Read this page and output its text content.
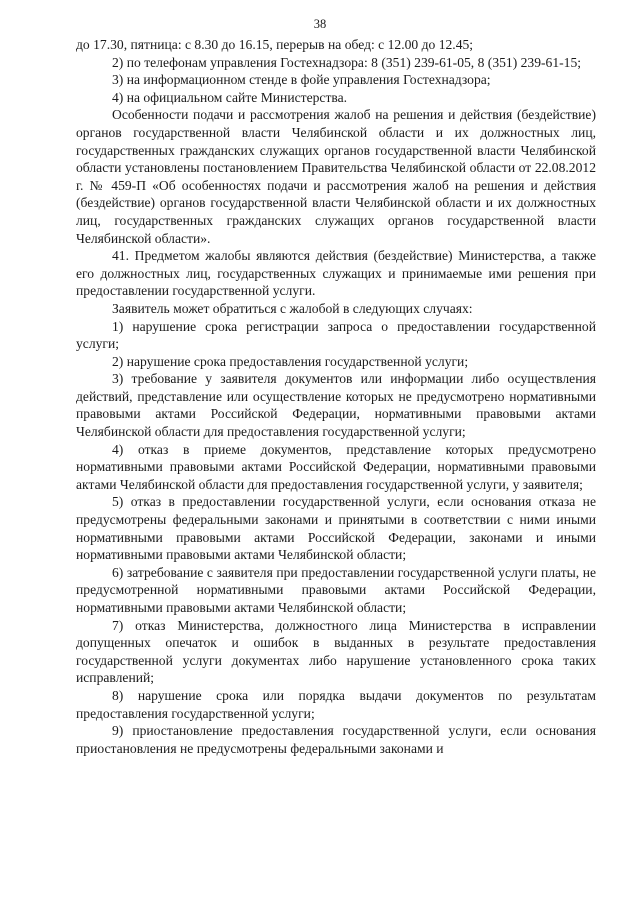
38

до 17.30, пятница: с 8.30 до 16.15, перерыв на обед: с 12.00 до 12.45;

2) по телефонам управления Гостехнадзора: 8 (351) 239-61-05, 8 (351) 239-61-15;

3) на информационном стенде в фойе управления Гостехнадзора;

4) на официальном сайте Министерства.

Особенности подачи и рассмотрения жалоб на решения и действия (бездействие) органов государственной власти Челябинской области и их должностных лиц, государственных гражданских служащих органов государственной власти Челябинской области установлены постановлением Правительства Челябинской области от 22.08.2012 г. № 459-П «Об особенностях подачи и рассмотрения жалоб на решения и действия (бездействие) органов государственной власти Челябинской области и их должностных лиц, государственных гражданских служащих органов государственной власти Челябинской области».

41. Предметом жалобы являются действия (бездействие) Министерства, а также его должностных лиц, государственных служащих и принимаемые ими решения при предоставлении государственной услуги.

Заявитель может обратиться с жалобой в следующих случаях:

1) нарушение срока регистрации запроса о предоставлении государственной услуги;

2) нарушение срока предоставления государственной услуги;

3) требование у заявителя документов или информации либо осуществления действий, представление или осуществление которых не предусмотрено нормативными правовыми актами Российской Федерации, нормативными правовыми актами Челябинской области для предоставления государственной услуги;

4) отказ в приеме документов, представление которых предусмотрено нормативными правовыми актами Российской Федерации, нормативными правовыми актами Челябинской области для предоставления государственной услуги, у заявителя;

5) отказ в предоставлении государственной услуги, если основания отказа не предусмотрены федеральными законами и принятыми в соответствии с ними иными нормативными правовыми актами Российской Федерации, законами и иными нормативными правовыми актами Челябинской области;

6) затребование с заявителя при предоставлении государственной услуги платы, не предусмотренной нормативными правовыми актами Российской Федерации, нормативными правовыми актами Челябинской области;

7) отказ Министерства, должностного лица Министерства в исправлении допущенных опечаток и ошибок в выданных в результате предоставления государственной услуги документах либо нарушение установленного срока таких исправлений;

8) нарушение срока или порядка выдачи документов по результатам предоставления государственной услуги;

9) приостановление предоставления государственной услуги, если основания приостановления не предусмотрены федеральными законами и
